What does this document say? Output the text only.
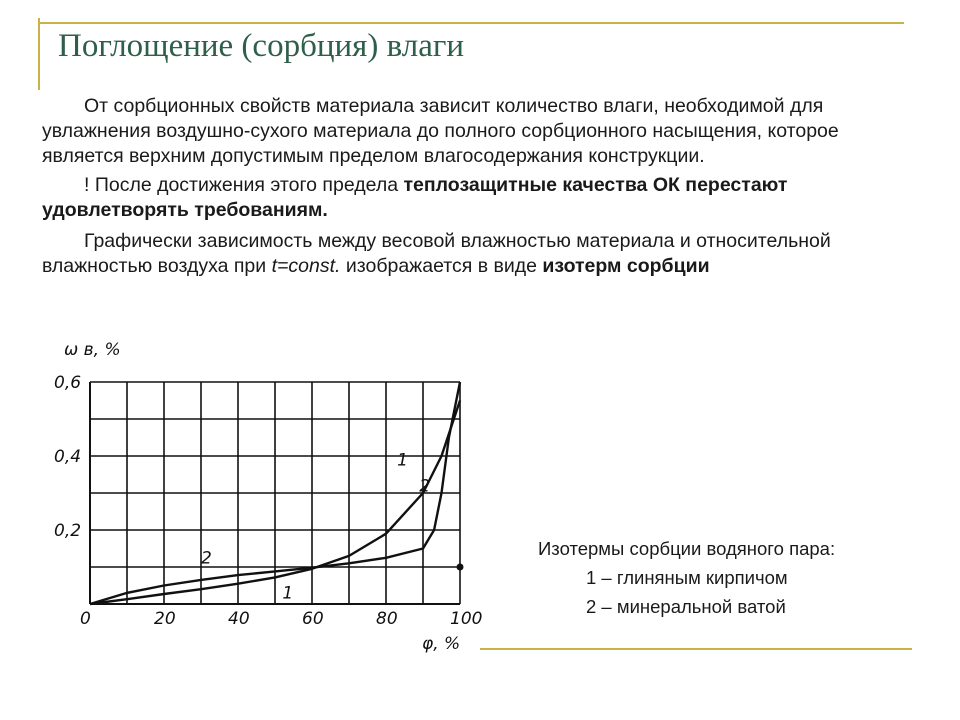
Поглощение (сорбция) влаги

От сорбционных свойств материала зависит количество влаги, необходимой для увлажнения воздушно-сухого материала до полного сорбционного насыщения, которое является верхним допустимым пределом влагосодержания конструкции.

! После достижения этого предела теплозащитные качества ОК перестают удовлетворять требованиям.

Графически зависимость между весовой влажностью материала и относительной влажностью воздуха при t=const. изображается в виде изотерм сорбции

1
1
2
2
0	20	40	60	80	100
0,2
0,4
0,6
ω в, %
φ, %
Изотермы сорбции водяного пара:
1 – глиняным кирпичом
2 – минеральной ватой
